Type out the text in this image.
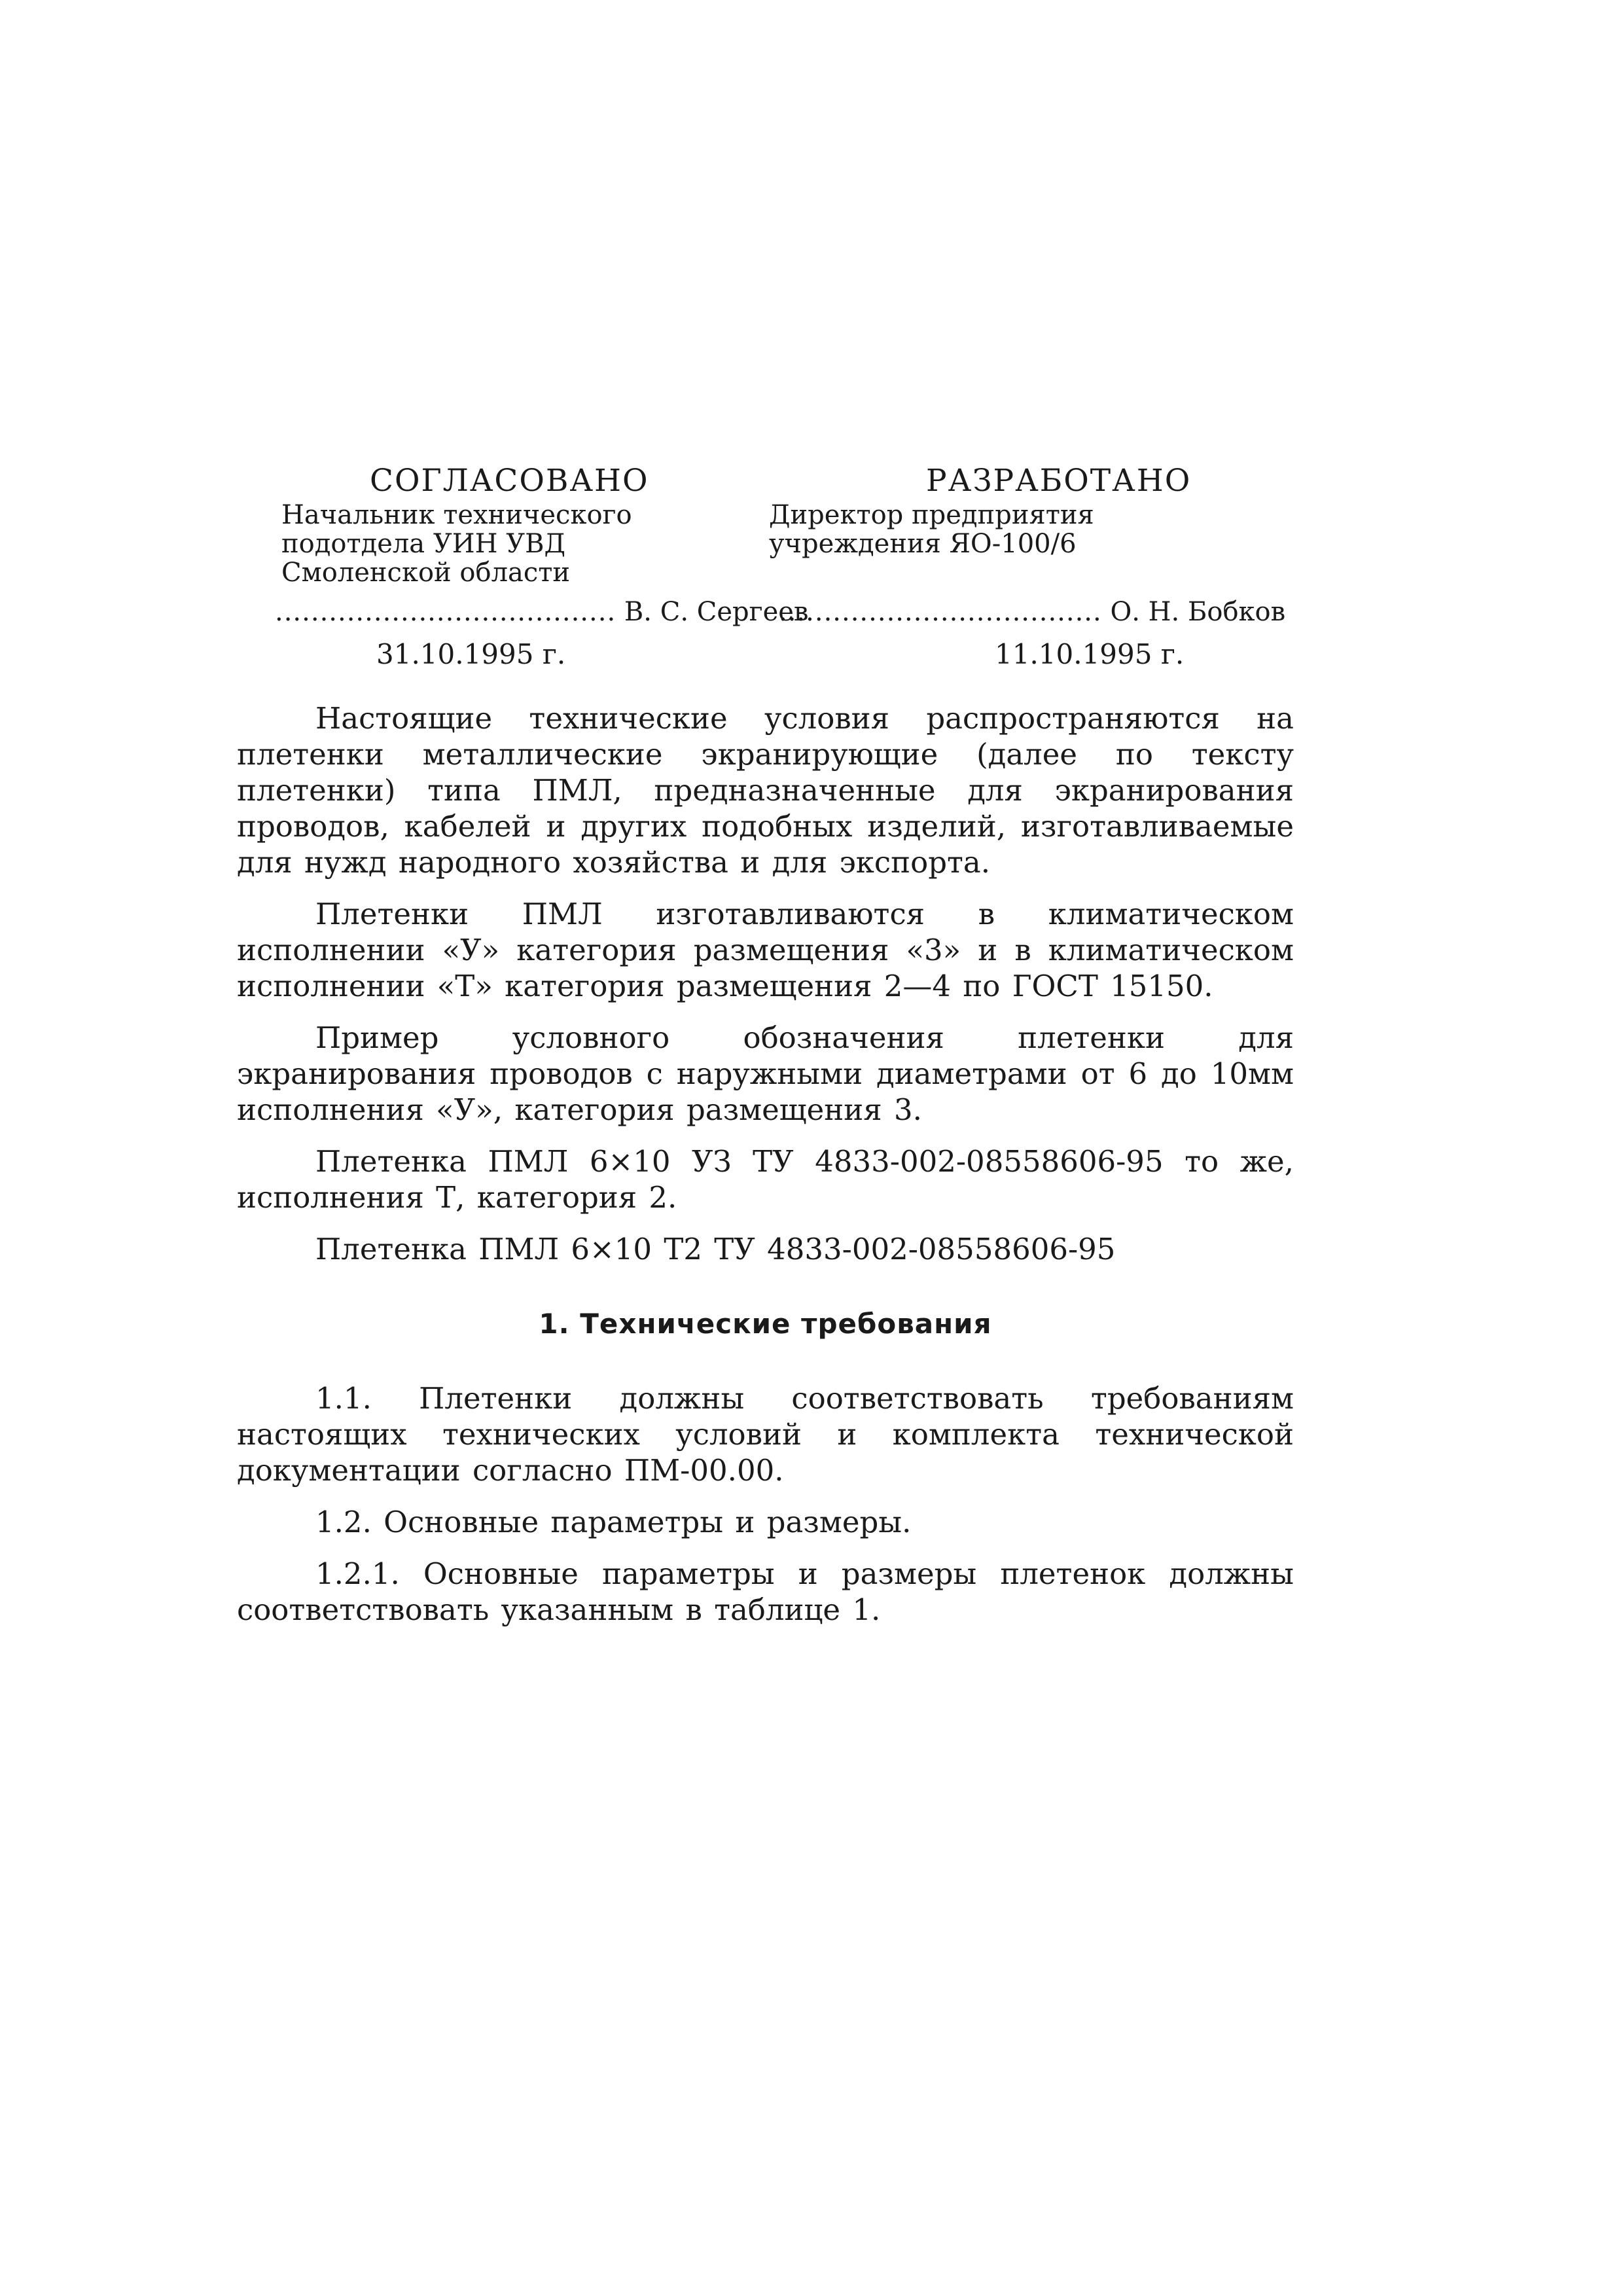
СОГЛАСОВАНО

Начальник технического
подотдела УИН УВД
Смоленской области

РАЗРАБОТАНО

Директор предприятия
учреждения ЯО-100/6

...................................... В. С. Сергеев
.................................... О. Н. Бобков
31.10.1995 г.	11.10.1995 г.

Настоящие технические условия распространяются на плетенки металлические экранирующие (далее по тексту плетенки) типа ПМЛ, предназначенные для экранирования проводов, кабелей и других подобных изделий, изготавливаемые для нужд народного хозяйства и для экспорта.

Плетенки ПМЛ изготавливаются в климатическом исполнении «У» категория размещения «3» и в климатическом исполнении «Т» категория размещения 2—4 по ГОСТ 15150.

Пример условного обозначения плетенки для экранирования проводов с наружными диаметрами от 6 до 10мм исполнения «У», категория размещения 3.

Плетенка ПМЛ 6×10 УЗ ТУ 4833-002-08558606-95 то же, исполнения Т, категория 2.

Плетенка ПМЛ 6×10 Т2 ТУ 4833-002-08558606-95

1. Технические требования

1.1. Плетенки должны соответствовать требованиям настоящих технических условий и комплекта технической документации согласно ПМ-00.00.

1.2. Основные параметры и размеры.

1.2.1. Основные параметры и размеры плетенок должны соответствовать указанным в таблице 1.
